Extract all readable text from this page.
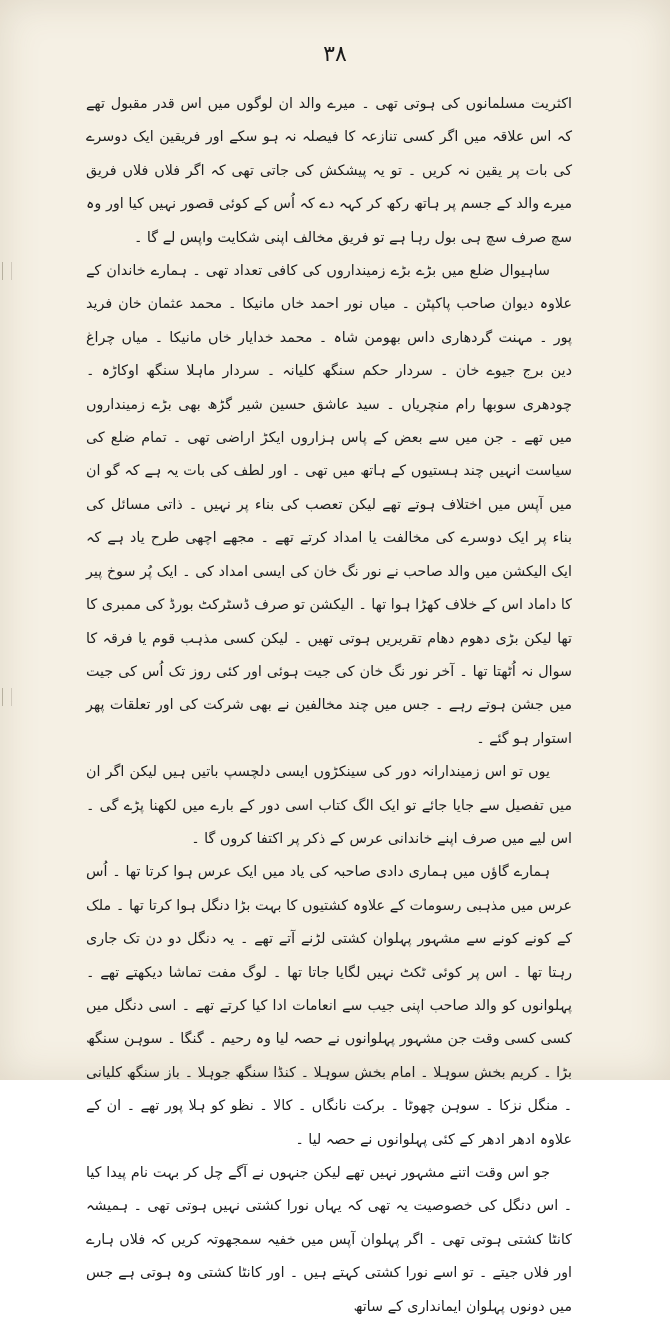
۳۸

اکثریت مسلمانوں کی ہوتی تھی ۔ میرے والد ان لوگوں میں اس قدر مقبول تھے کہ اس علاقہ میں اگر کسی تنازعہ کا فیصلہ نہ ہو سکے اور فریقین ایک دوسرے کی بات پر یقین نہ کریں ۔ تو یہ پیشکش کی جاتی تھی کہ اگر فلاں فلاں فریق میرے والد کے جسم پر ہاتھ رکھ کر کہہ دے کہ اُس کے کوئی قصور نہیں کیا اور وہ سچ صرف سچ ہی بول رہا ہے تو فریق مخالف اپنی شکایت واپس لے گا ۔

ساہیوال ضلع میں بڑے بڑے زمینداروں کی کافی تعداد تھی ۔ ہمارے خاندان کے علاوہ دیوان صاحب پاکپٹن ۔ میاں نور احمد خاں مانیکا ۔ محمد عثمان خان فرید پور ۔ مہنت گردھاری داس بھومن شاہ ۔ محمد خدایار خاں مانیکا ۔ میاں چراغ دین برج جیوے خان ۔ سردار حکم سنگھ کلیانہ ۔ سردار ماہلا سنگھ اوکاڑہ ۔ چودھری سوبھا رام منچریاں ۔ سید عاشق حسین شیر گڑھ بھی بڑے زمینداروں میں تھے ۔ جن میں سے بعض کے پاس ہزاروں ایکڑ اراضی تھی ۔ تمام ضلع کی سیاست انہیں چند ہستیوں کے ہاتھ میں تھی ۔ اور لطف کی بات یہ ہے کہ گو ان میں آپس میں اختلاف ہوتے تھے لیکن تعصب کی بناء پر نہیں ۔ ذاتی مسائل کی بناء پر ایک دوسرے کی مخالفت یا امداد کرتے تھے ۔ مجھے اچھی طرح یاد ہے کہ ایک الیکشن میں والد صاحب نے نور نگ خان کی ایسی امداد کی ۔ ایک پُر سوخ پیر کا داماد اس کے خلاف کھڑا ہوا تھا ۔ الیکشن تو صرف ڈسٹرکٹ بورڈ کی ممبری کا تھا لیکن بڑی دھوم دھام تقریریں ہوتی تھیں ۔ لیکن کسی مذہب قوم یا فرقہ کا سوال نہ اُٹھتا تھا ۔ آخر نور نگ خان کی جیت ہوئی اور کئی روز تک اُس کی جیت میں جشن ہوتے رہے ۔ جس میں چند مخالفین نے بھی شرکت کی اور تعلقات پھر استوار ہو گئے ۔

یوں تو اس زمیندارانہ دور کی سینکڑوں ایسی دلچسپ باتیں ہیں لیکن اگر ان میں تفصیل سے جایا جائے تو ایک الگ کتاب اسی دور کے بارے میں لکھنا پڑے گی ۔ اس لیے میں صرف اپنے خاندانی عرس کے ذکر پر اکتفا کروں گا ۔

ہمارے گاؤں میں ہماری دادی صاحبہ کی یاد میں ایک عرس ہوا کرتا تھا ۔ اُس عرس میں مذہبی رسومات کے علاوہ کشتیوں کا بہت بڑا دنگل ہوا کرتا تھا ۔ ملک کے کونے کونے سے مشہور پہلوان کشتی لڑنے آتے تھے ۔ یہ دنگل دو دن تک جاری رہتا تھا ۔ اس پر کوئی ٹکٹ نہیں لگایا جاتا تھا ۔ لوگ مفت تماشا دیکھتے تھے ۔ پہلوانوں کو والد صاحب اپنی جیب سے انعامات ادا کیا کرتے تھے ۔ اسی دنگل میں کسی کسی وقت جن مشہور پہلوانوں نے حصہ لیا وہ رحیم ۔ گنگا ۔ سوہن سنگھ بڑا ۔ کریم بخش سوہلا ۔ امام بخش سوہلا ۔ کنڈا سنگھ جوہلا ۔ باز سنگھ کلیانی ۔ منگل نزکا ۔ سوہن چھوٹا ۔ برکت نانگاں ۔ کالا ۔ نظو کو ہلا پور تھے ۔ ان کے علاوہ ادھر ادھر کے کئی پہلوانوں نے حصہ لیا ۔

جو اس وقت اتنے مشہور نہیں تھے لیکن جنہوں نے آگے چل کر بہت نام پیدا کیا ۔ اس دنگل کی خصوصیت یہ تھی کہ یہاں نورا کشتی نہیں ہوتی تھی ۔ ہمیشہ کانٹا کشتی ہوتی تھی ۔ اگر پہلوان آپس میں خفیہ سمجھوتہ کریں کہ فلاں ہارے اور فلاں جیتے ۔ تو اسے نورا کشتی کہتے ہیں ۔ اور کانٹا کشتی وہ ہوتی ہے جس میں دونوں پہلوان ایمانداری کے ساتھ
